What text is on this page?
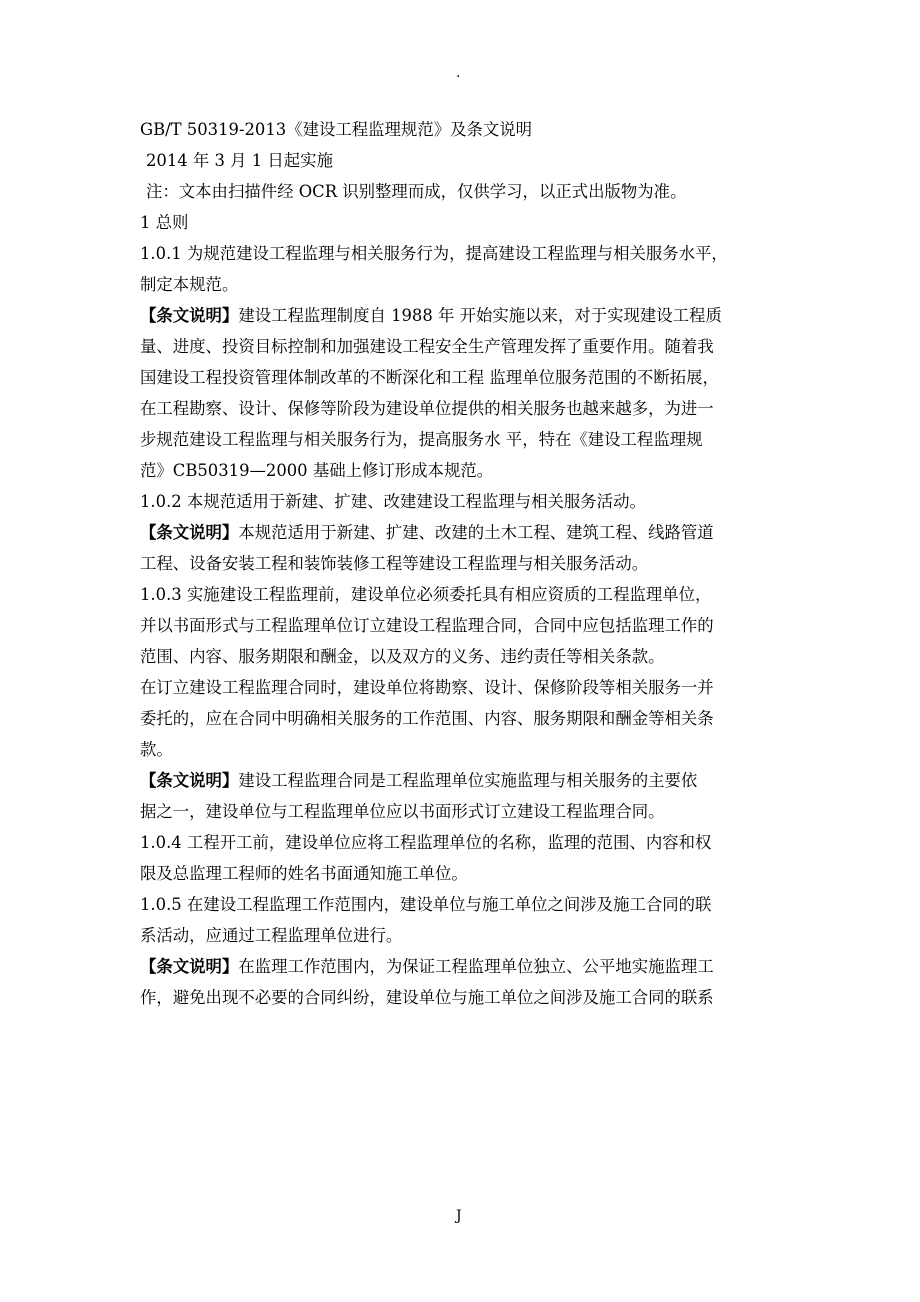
.
GB/T 50319-2013《建设工程监理规范》及条文说明
2014 年 3 月 1 日起实施
注：文本由扫描件经 OCR 识别整理而成，仅供学习，以正式出版物为准。
1 总则
1.0.1 为规范建设工程监理与相关服务行为，提高建设工程监理与相关服务水平，
制定本规范。
【条文说明】建设工程监理制度自 1988 年 开始实施以来，对于实现建设工程质
量、进度、投资目标控制和加强建设工程安全生产管理发挥了重要作用。随着我
国建设工程投资管理体制改革的不断深化和工程 监理单位服务范围的不断拓展，
在工程勘察、设计、保修等阶段为建设单位提供的相关服务也越来越多，为进一
步规范建设工程监理与相关服务行为，提高服务水 平，特在《建设工程监理规
范》CB50319—2000 基础上修订形成本规范。
1.0.2 本规范适用于新建、扩建、改建建设工程监理与相关服务活动。
【条文说明】本规范适用于新建、扩建、改建的土木工程、建筑工程、线路管道
工程、设备安装工程和装饰装修工程等建设工程监理与相关服务活动。
1.0.3 实施建设工程监理前，建设单位必须委托具有相应资质的工程监理单位，
并以书面形式与工程监理单位订立建设工程监理合同，合同中应包括监理工作的
范围、内容、服务期限和酬金，以及双方的义务、违约责任等相关条款。
在订立建设工程监理合同时，建设单位将勘察、设计、保修阶段等相关服务一并
委托的，应在合同中明确相关服务的工作范围、内容、服务期限和酬金等相关条
款。
【条文说明】建设工程监理合同是工程监理单位实施监理与相关服务的主要依
据之一，建设单位与工程监理单位应以书面形式订立建设工程监理合同。
1.0.4 工程开工前，建设单位应将工程监理单位的名称，监理的范围、内容和权
限及总监理工程师的姓名书面通知施工单位。
1.0.5 在建设工程监理工作范围内，建设单位与施工单位之间涉及施工合同的联
系活动，应通过工程监理单位进行。
【条文说明】在监理工作范围内，为保证工程监理单位独立、公平地实施监理工
作，避免出现不必要的合同纠纷，建设单位与施工单位之间涉及施工合同的联系
J
